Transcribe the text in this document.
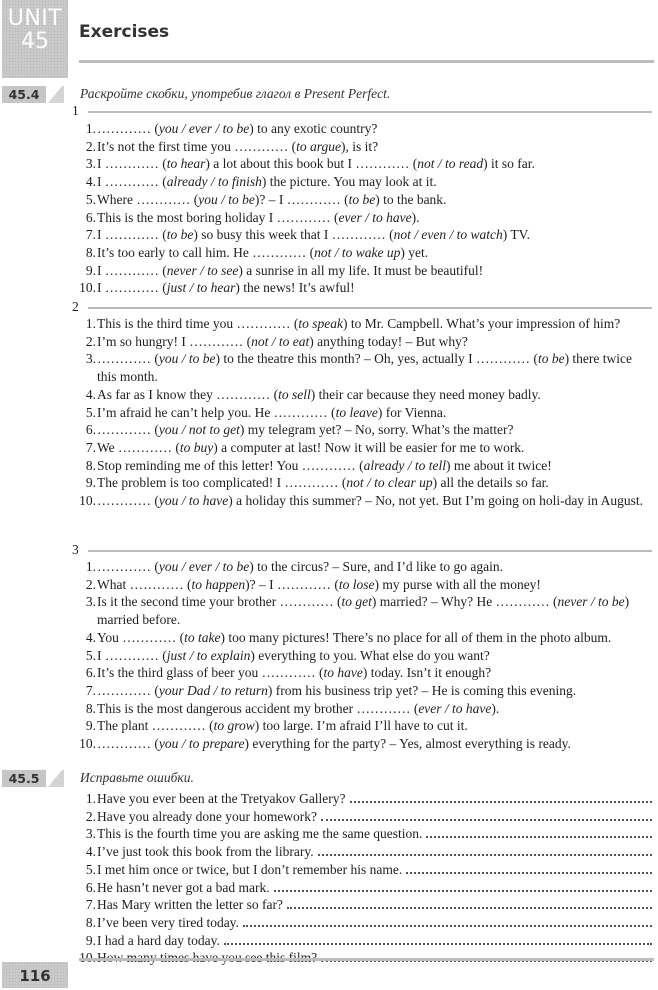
UNIT
45	Exercises
45.4	Раскройте скобки, употребив глагол в Present Perfect.
1
1. ………… (you / ever / to be) to any exotic country?
2. It’s not the first time you ………… (to argue), is it?
3. I ………… (to hear) a lot about this book but I ………… (not / to read) it so far.
4. I ………… (already / to finish) the picture. You may look at it.
5. Where ………… (you / to be)? – I ………… (to be) to the bank.
6. This is the most boring holiday I ………… (ever / to have).
7. I ………… (to be) so busy this week that I ………… (not / even / to watch) TV.
8. It’s too early to call him. He ………… (not / to wake up) yet.
9. I ………… (never / to see) a sunrise in all my life. It must be beautiful!
10. I ………… (just / to hear) the news! It’s awful!
2
1. This is the third time you ………… (to speak) to Mr. Campbell. What’s your impression of him?
2. I’m so hungry! I ………… (not / to eat) anything today! – But why?
3. ………… (you / to be) to the theatre this month? – Oh, yes, actually I ………… (to be) there twice this month.
4. As far as I know they ………… (to sell) their car because they need money badly.
5. I’m afraid he can’t help you. He ………… (to leave) for Vienna.
6. ………… (you / not to get) my telegram yet? – No, sorry. What’s the matter?
7. We ………… (to buy) a computer at last! Now it will be easier for me to work.
8. Stop reminding me of this letter! You ………… (already / to tell) me about it twice!
9. The problem is too complicated! I ………… (not / to clear up) all the details so far.
10. ………… (you / to have) a holiday this summer? – No, not yet. But I’m going on holi-day in August.
3
1. ………… (you / ever / to be) to the circus? – Sure, and I’d like to go again.
2. What ………… (to happen)? – I ………… (to lose) my purse with all the money!
3. Is it the second time your brother ………… (to get) married? – Why? He ………… (never / to be) married before.
4. You ………… (to take) too many pictures! There’s no place for all of them in the photo album.
5. I ………… (just / to explain) everything to you. What else do you want?
6. It’s the third glass of beer you ………… (to have) today. Isn’t it enough?
7. ………… (your Dad / to return) from his business trip yet? – He is coming this evening.
8. This is the most dangerous accident my brother ………… (ever / to have).
9. The plant ………… (to grow) too large. I’m afraid I’ll have to cut it.
10. ………… (you / to prepare) everything for the party? – Yes, almost everything is ready.
45.5	Исправьте ошибки.
1. Have you ever been at the Tretyakov Gallery?
2. Have you already done your homework?
3. This is the fourth time you are asking me the same question.
4. I’ve just took this book from the library.
5. I met him once or twice, but I don’t remember his name.
6. He hasn’t never got a bad mark.
7. Has Mary written the letter so far?
8. I’ve been very tired today.
9. I had a hard day today.
116
